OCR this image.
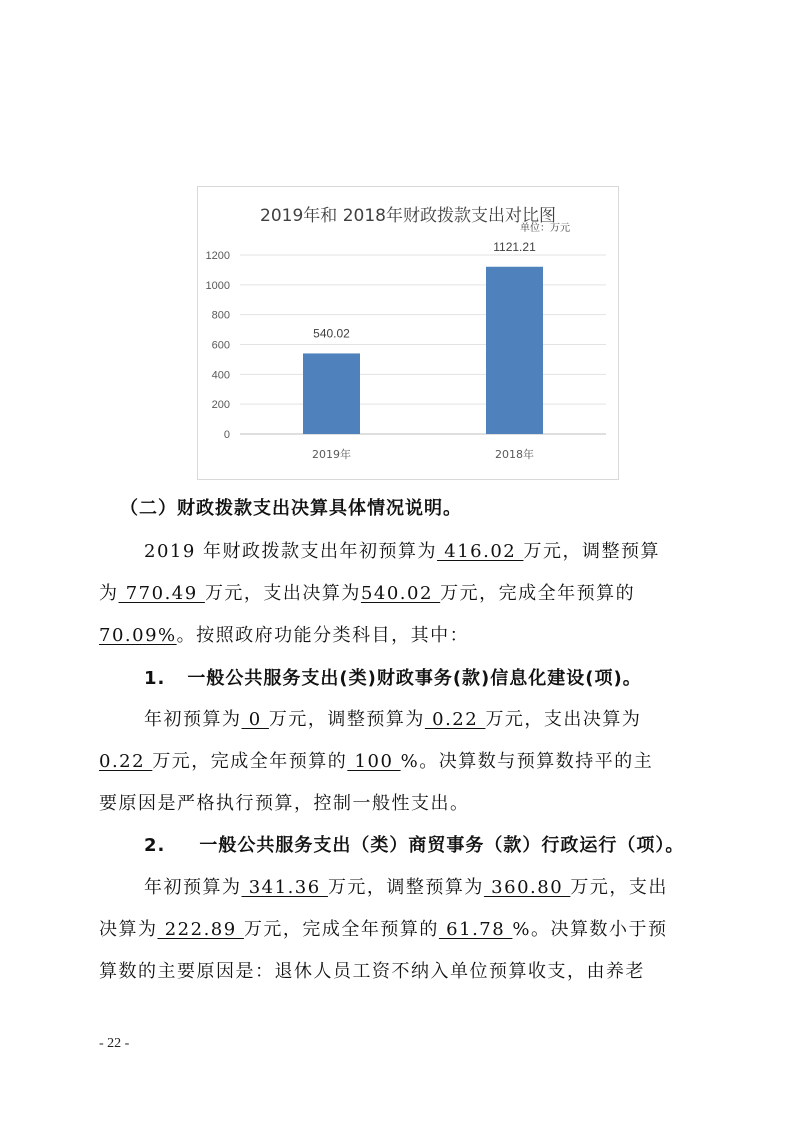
2019年和 2018年财政拨款支出对比图
单位：万元
0
200
400
600
800
1000
1200
540.02
1121.21
2019年	2018年
（二）财政拨款支出决算具体情况说明。
2019 年财政拨款支出年初预算为 416.02 万元，调整预算
为 770.49 万元，支出决算为540.02 万元，完成全年预算的
70.09%。按照政府功能分类科目，其中：
1. 一般公共服务支出(类)财政事务(款)信息化建设(项)。
年初预算为 0 万元，调整预算为 0.22 万元，支出决算为
0.22 万元，完成全年预算的 100 %。决算数与预算数持平的主
要原因是严格执行预算，控制一般性支出。
2. 一般公共服务支出（类）商贸事务（款）行政运行（项）。
年初预算为 341.36 万元，调整预算为 360.80 万元，支出
决算为 222.89 万元，完成全年预算的 61.78 %。决算数小于预
算数的主要原因是：退休人员工资不纳入单位预算收支，由养老
- 22 -
